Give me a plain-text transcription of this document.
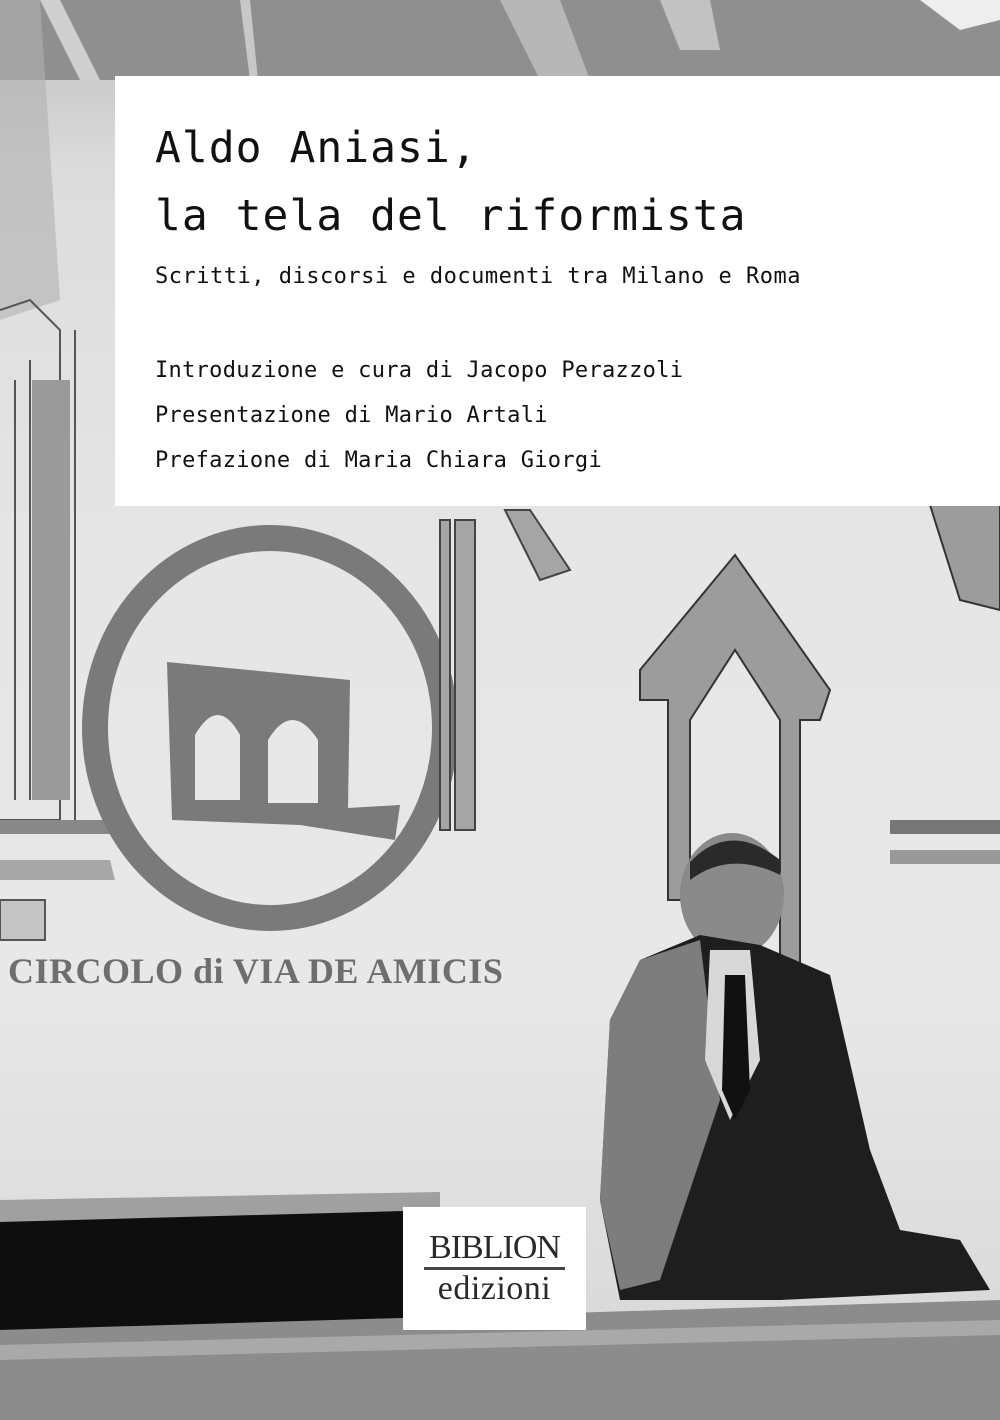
Aldo Aniasi,
la tela del riformista
Scritti, discorsi e documenti tra Milano e Roma
Introduzione e cura di Jacopo Perazzoli
Presentazione di Mario Artali
Prefazione di Maria Chiara Giorgi
CIRCOLO di VIA DE AMICIS
BIBLION
edizioni
